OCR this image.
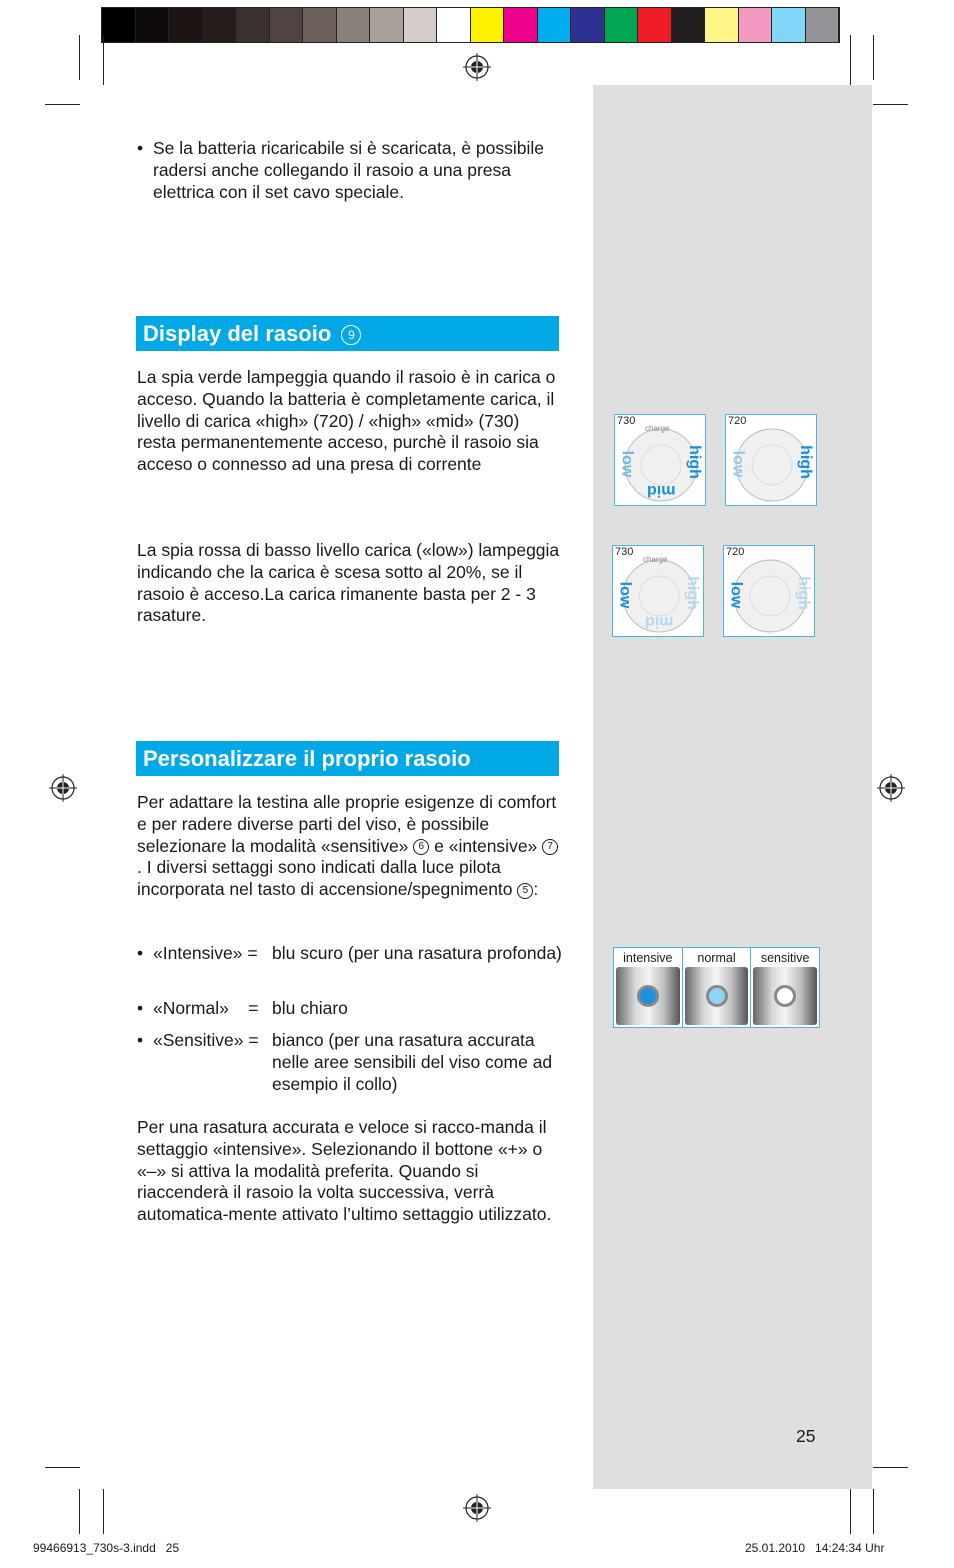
• Se la batteria ricaricabile si è scaricata, è possibile radersi anche collegando il rasoio a una presa elettrica con il set cavo speciale.
Display del rasoio 9
La spia verde lampeggia quando il rasoio è in carica o acceso. Quando la batteria è completamente carica, il livello di carica «high» (720) / «high» «mid» (730) resta permanentemente acceso, purchè il rasoio sia acceso o connesso ad una presa di corrente
La spia rossa di basso livello carica («low») lampeggia indicando che la carica è scesa sotto al 20%, se il rasoio è acceso.La carica rimanente basta per 2 - 3 rasature.
730
charge
low	high
mid
720
low	high
730
charge
low	high
mid
720
low	high
Personalizzare il proprio rasoio
Per adattare la testina alle proprie esigenze di comfort e per radere diverse parti del viso, è possibile selezionare la modalità «sensitive» 6 e «intensive» 7. I diversi settaggi sono indicati dalla luce pilota incorporata nel tasto di accensione/spegnimento 5 :
• «Intensive» = blu scuro (per una rasatura profonda)
• «Normal»    = blu chiaro
• «Sensitive» = bianco (per una rasatura accurata nelle aree sensibili del viso come ad esempio il collo)
Per una rasatura accurata e veloce si racco-manda il settaggio «intensive». Selezionando il bottone «+» o «–» si attiva la modalità preferita. Quando si riaccenderà il rasoio la volta successiva, verrà automatica-mente attivato l’ultimo settaggio utilizzato.
intensive	normal	sensitive
25
99466913_730s-3.indd   25	25.01.2010   14:24:34 Uhr
